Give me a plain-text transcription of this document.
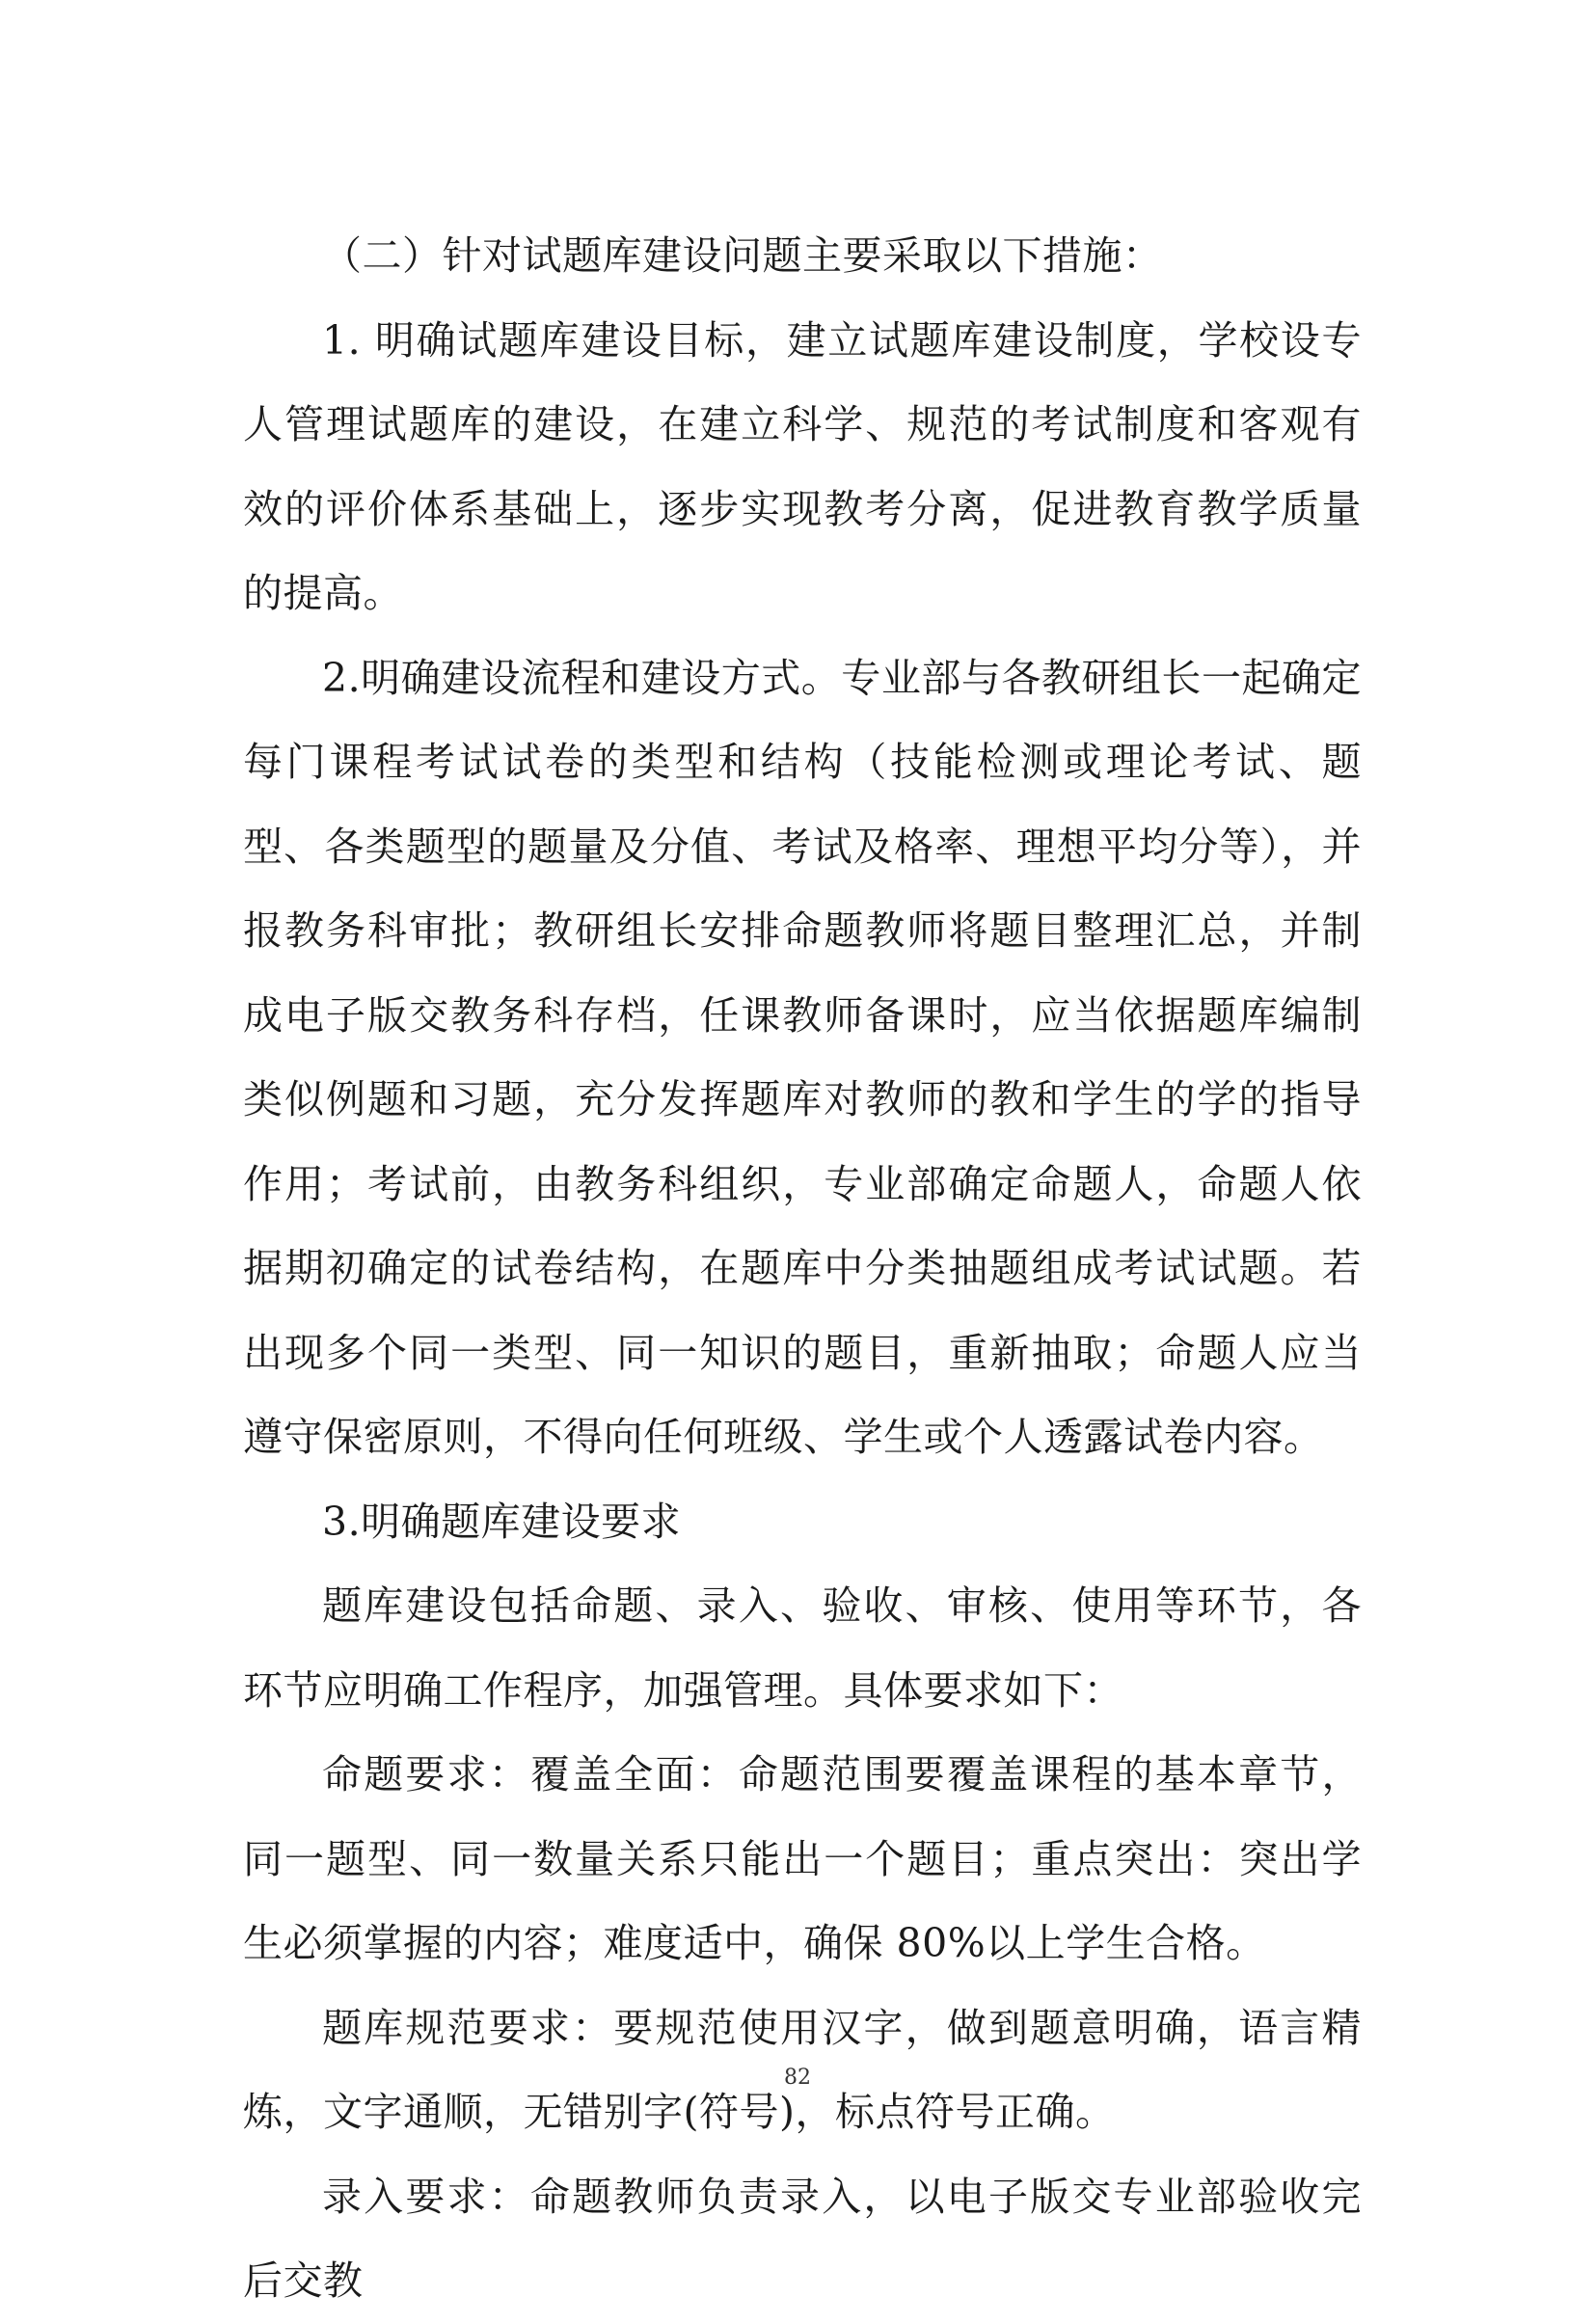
（二）针对试题库建设问题主要采取以下措施：

1. 明确试题库建设目标，建立试题库建设制度，学校设专人管理试题库的建设，在建立科学、规范的考试制度和客观有效的评价体系基础上，逐步实现教考分离，促进教育教学质量的提高。

2.明确建设流程和建设方式。专业部与各教研组长一起确定每门课程考试试卷的类型和结构（技能检测或理论考试、题型、各类题型的题量及分值、考试及格率、理想平均分等），并报教务科审批；教研组长安排命题教师将题目整理汇总，并制成电子版交教务科存档，任课教师备课时，应当依据题库编制类似例题和习题，充分发挥题库对教师的教和学生的学的指导作用；考试前，由教务科组织，专业部确定命题人，命题人依据期初确定的试卷结构，在题库中分类抽题组成考试试题。若出现多个同一类型、同一知识的题目，重新抽取；命题人应当遵守保密原则，不得向任何班级、学生或个人透露试卷内容。

3.明确题库建设要求

题库建设包括命题、录入、验收、审核、使用等环节，各环节应明确工作程序，加强管理。具体要求如下：

命题要求：覆盖全面：命题范围要覆盖课程的基本章节，同一题型、同一数量关系只能出一个题目；重点突出：突出学生必须掌握的内容；难度适中，确保 80%以上学生合格。

题库规范要求：要规范使用汉字，做到题意明确，语言精炼，文字通顺，无错别字(符号)，标点符号正确。

录入要求：命题教师负责录入，以电子版交专业部验收完后交教

82
